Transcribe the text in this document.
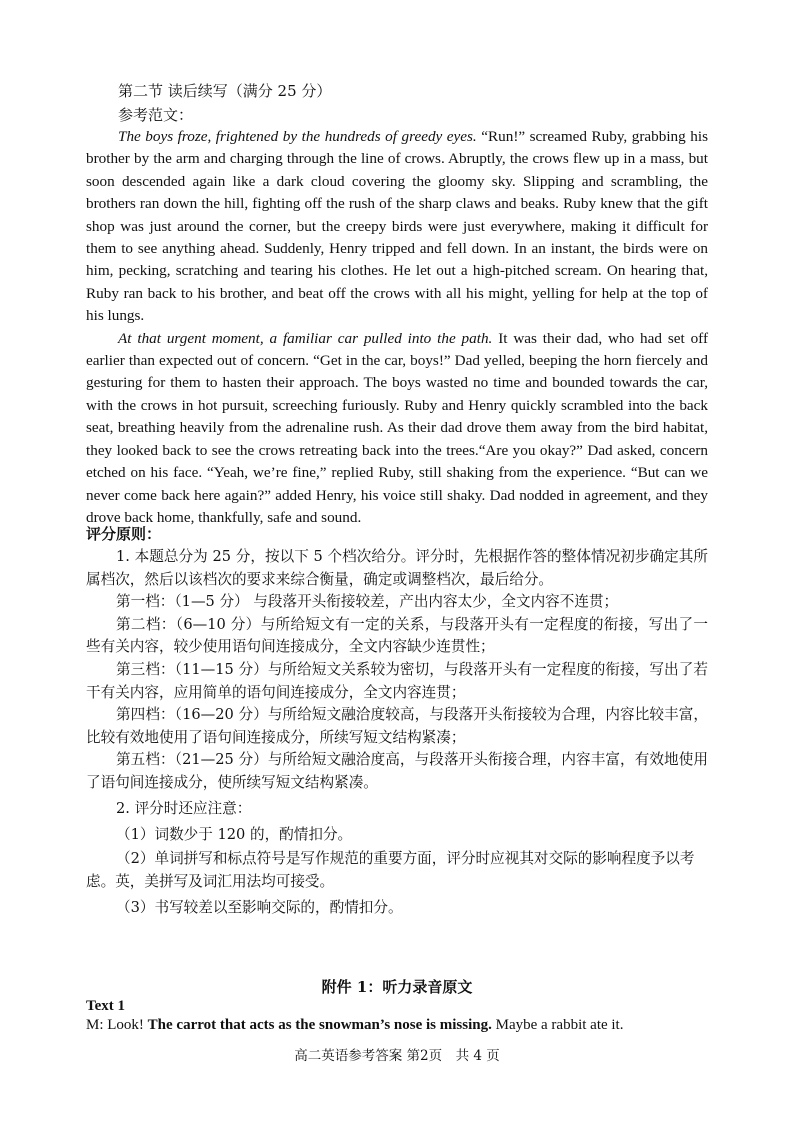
第二节 读后续写（满分 25 分）
参考范文：

The boys froze, frightened by the hundreds of greedy eyes. “Run!” screamed Ruby, grabbing his brother by the arm and charging through the line of crows. Abruptly, the crows flew up in a mass, but soon descended again like a dark cloud covering the gloomy sky. Slipping and scrambling, the brothers ran down the hill, fighting off the rush of the sharp claws and beaks. Ruby knew that the gift shop was just around the corner, but the creepy birds were just everywhere, making it difficult for them to see anything ahead. Suddenly, Henry tripped and fell down. In an instant, the birds were on him, pecking, scratching and tearing his clothes. He let out a high-pitched scream. On hearing that, Ruby ran back to his brother, and beat off the crows with all his might, yelling for help at the top of his lungs.

At that urgent moment, a familiar car pulled into the path. It was their dad, who had set off earlier than expected out of concern. “Get in the car, boys!” Dad yelled, beeping the horn fiercely and gesturing for them to hasten their approach. The boys wasted no time and bounded towards the car, with the crows in hot pursuit, screeching furiously. Ruby and Henry quickly scrambled into the back seat, breathing heavily from the adrenaline rush. As their dad drove them away from the bird habitat, they looked back to see the crows retreating back into the trees.“Are you okay?” Dad asked, concern etched on his face. “Yeah, we’re fine,” replied Ruby, still shaking from the experience. “But can we never come back here again?” added Henry, his voice still shaky. Dad nodded in agreement, and they drove back home, thankfully, safe and sound.

评分原则：

1. 本题总分为 25 分，按以下 5 个档次给分。评分时，先根据作答的整体情况初步确定其所属档次，然后以该档次的要求来综合衡量，确定或调整档次，最后给分。

第一档：（1—5 分） 与段落开头衔接较差，产出内容太少，全文内容不连贯；

第二档：（6—10 分）与所给短文有一定的关系，与段落开头有一定程度的衔接，写出了一些有关内容，较少使用语句间连接成分，全文内容缺少连贯性；

第三档：（11—15 分）与所给短文关系较为密切，与段落开头有一定程度的衔接，写出了若干有关内容，应用简单的语句间连接成分，全文内容连贯；

第四档：（16—20 分）与所给短文融洽度较高，与段落开头衔接较为合理，内容比较丰富，比较有效地使用了语句间连接成分，所续写短文结构紧凑；

第五档：（21—25 分）与所给短文融洽度高，与段落开头衔接合理，内容丰富，有效地使用了语句间连接成分，使所续写短文结构紧凑。

2. 评分时还应注意：

（1）词数少于 120 的，酌情扣分。

（2）单词拼写和标点符号是写作规范的重要方面，评分时应视其对交际的影响程度予以考虑。英，美拼写及词汇用法均可接受。

（3）书写较差以至影响交际的，酌情扣分。

附件 1：听力录音原文
Text 1
M: Look! The carrot that acts as the snowman’s nose is missing. Maybe a rabbit ate it.
高二英语参考答案 第2页　共 4 页
